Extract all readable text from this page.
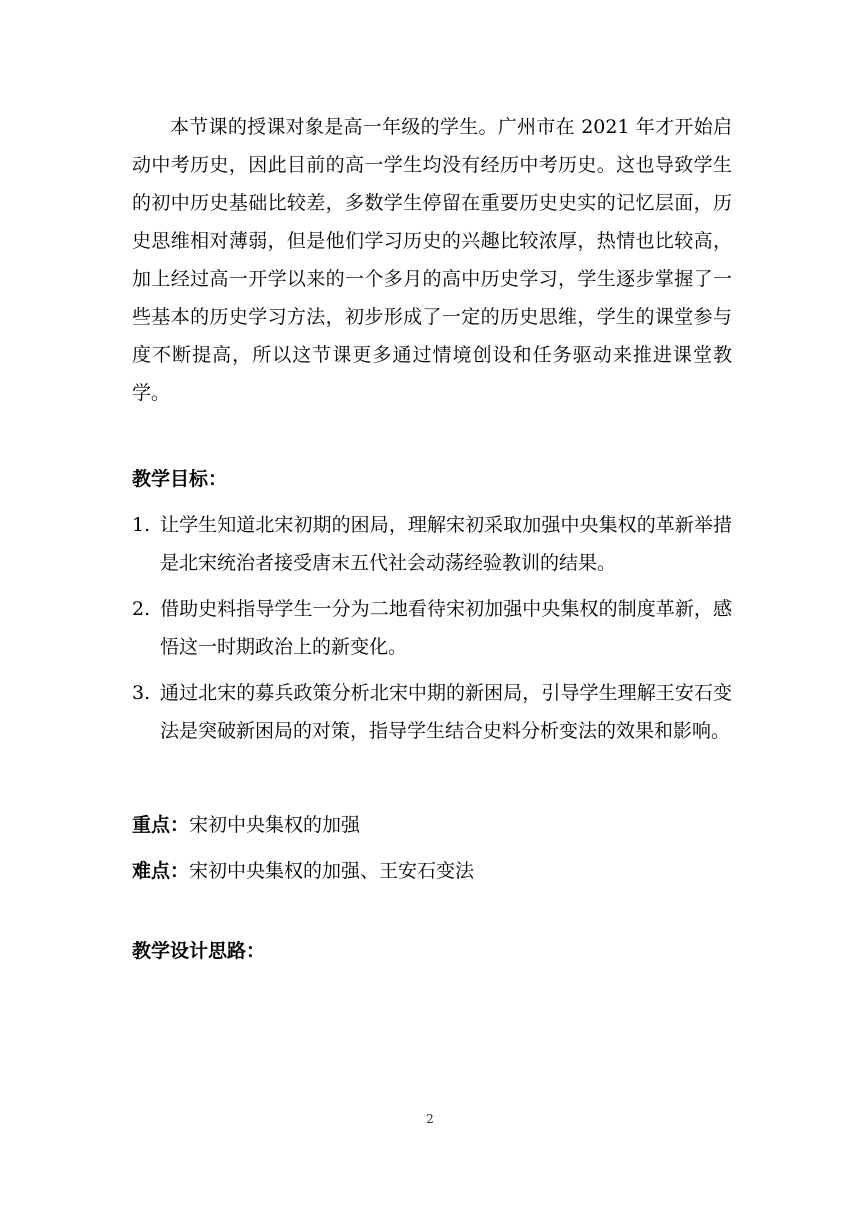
本节课的授课对象是高一年级的学生。广州市在 2021 年才开始启动中考历史，因此目前的高一学生均没有经历中考历史。这也导致学生的初中历史基础比较差，多数学生停留在重要历史史实的记忆层面，历史思维相对薄弱，但是他们学习历史的兴趣比较浓厚，热情也比较高，加上经过高一开学以来的一个多月的高中历史学习，学生逐步掌握了一些基本的历史学习方法，初步形成了一定的历史思维，学生的课堂参与度不断提高，所以这节课更多通过情境创设和任务驱动来推进课堂教学。

教学目标：

1. 让学生知道北宋初期的困局，理解宋初采取加强中央集权的革新举措是北宋统治者接受唐末五代社会动荡经验教训的结果。
2. 借助史料指导学生一分为二地看待宋初加强中央集权的制度革新，感悟这一时期政治上的新变化。
3. 通过北宋的募兵政策分析北宋中期的新困局，引导学生理解王安石变法是突破新困局的对策，指导学生结合史料分析变法的效果和影响。

重点：宋初中央集权的加强

难点：宋初中央集权的加强、王安石变法

教学设计思路：

2
